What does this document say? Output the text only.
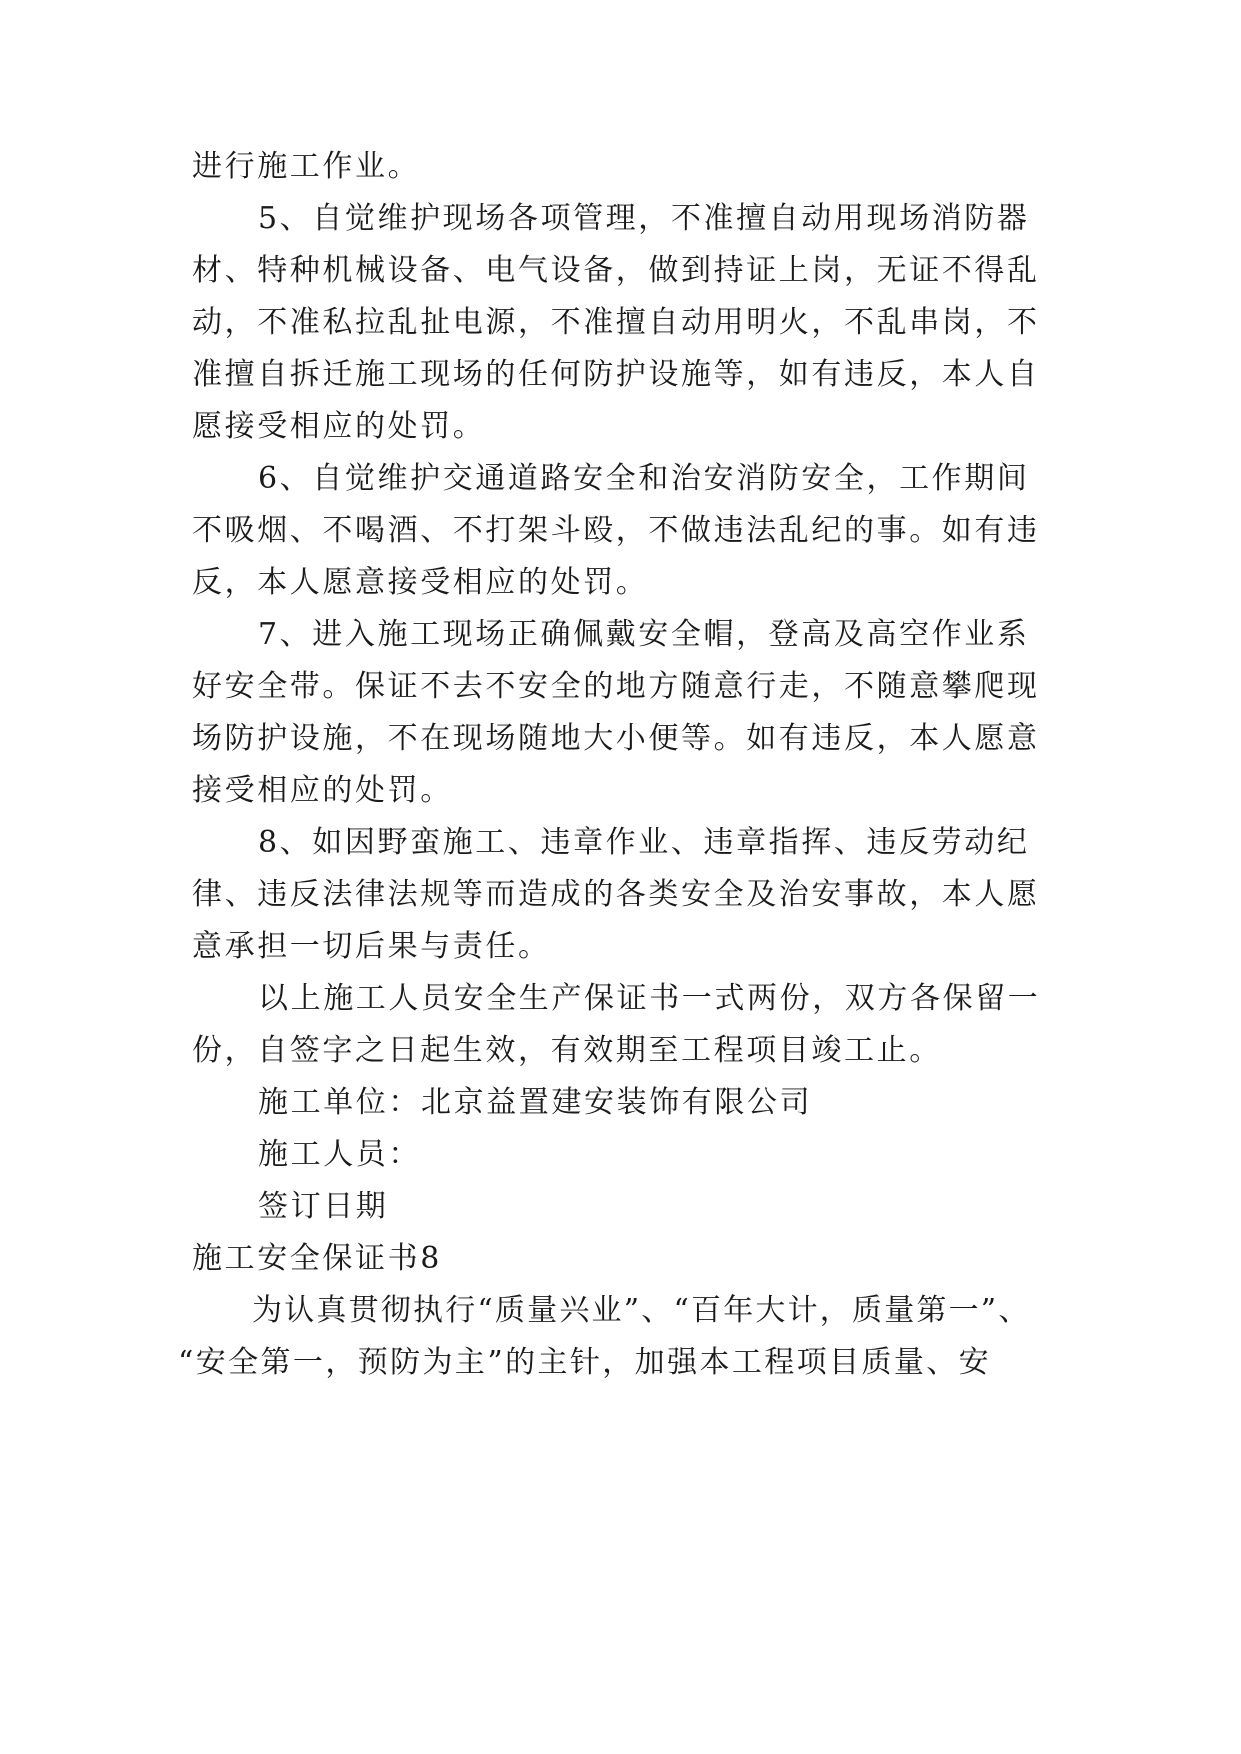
进行施工作业。

5、自觉维护现场各项管理，不准擅自动用现场消防器

材、特种机械设备、电气设备，做到持证上岗，无证不得乱

动，不准私拉乱扯电源，不准擅自动用明火，不乱串岗，不

准擅自拆迁施工现场的任何防护设施等，如有违反，本人自

愿接受相应的处罚。

6、自觉维护交通道路安全和治安消防安全，工作期间

不吸烟、不喝酒、不打架斗殴，不做违法乱纪的事。如有违

反，本人愿意接受相应的处罚。

7、进入施工现场正确佩戴安全帽，登高及高空作业系

好安全带。保证不去不安全的地方随意行走，不随意攀爬现

场防护设施，不在现场随地大小便等。如有违反，本人愿意

接受相应的处罚。

8、如因野蛮施工、违章作业、违章指挥、违反劳动纪

律、违反法律法规等而造成的各类安全及治安事故，本人愿

意承担一切后果与责任。

以上施工人员安全生产保证书一式两份，双方各保留一

份，自签字之日起生效，有效期至工程项目竣工止。

施工单位：北京益置建安装饰有限公司

施工人员：

签订日期

施工安全保证书8

为认真贯彻执行“质量兴业”、“百年大计，质量第一”、

“安全第一，预防为主”的主针，加强本工程项目质量、安
